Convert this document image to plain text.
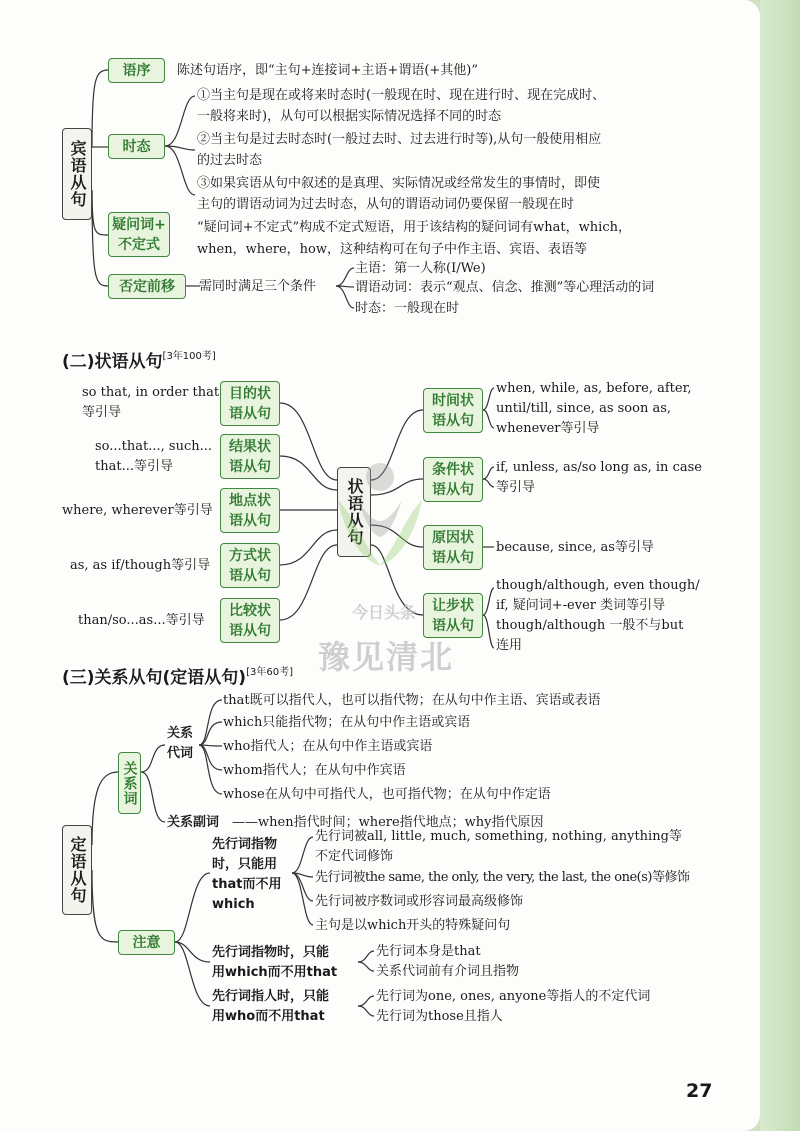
宾语从句
语序	陈述句语序，即“主句+连接词+主语+谓语(+其他)”
时态
①当主句是现在或将来时态时(一般现在时、现在进行时、现在完成时、
一般将来时)，从句可以根据实际情况选择不同的时态
②当主句是过去时态时(一般过去时、过去进行时等),从句一般使用相应
的过去时态
③如果宾语从句中叙述的是真理、实际情况或经常发生的事情时，即使
主句的谓语动词为过去时态，从句的谓语动词仍要保留一般现在时
疑问词+
不定式
“疑问词+不定式”构成不定式短语，用于该结构的疑问词有what，which，
when，where，how，这种结构可在句子中作主语、宾语、表语等
否定前移	需同时满足三个条件
主语：第一人称(I/We)
谓语动词：表示“观点、信念、推测”等心理活动的词
时态：一般现在时
(二)状语从句[3年100考]
状语从句
目的状
语从句
so that, in order that
等引导
结果状
语从句
so...that..., such...
that...等引导
地点状
语从句
where, wherever等引导
方式状
语从句
as, as if/though等引导
比较状
语从句
than/so...as...等引导
时间状
语从句
when, while, as, before, after,
until/till, since, as soon as,
whenever等引导
条件状
语从句
if, unless, as/so long as, in case
等引导
原因状
语从句
because, since, as等引导
让步状
语从句
though/although, even though/
if, 疑问词+-ever 类词等引导
though/although 一般不与but
连用
(三)关系从句(定语从句)[3年60考]
定语从句
关系词
关系
代词
that既可以指代人，也可以指代物；在从句中作主语、宾语或表语
which只能指代物；在从句中作主语或宾语
who指代人；在从句中作主语或宾语
whom指代人；在从句中作宾语
whose在从句中可指代人，也可指代物；在从句中作定语
关系副词 ——when指代时间；where指代地点；why指代原因
注意
先行词指物
时，只能用
that而不用
which
先行词被all, little, much, something, nothing, anything等
不定代词修饰
先行词被the same, the only, the very, the last, the one(s)等修饰
先行词被序数词或形容词最高级修饰
主句是以which开头的特殊疑问句
先行词指物时，只能
用which而不用that
先行词本身是that
关系代词前有介词且指物
先行词指人时，只能
用who而不用that
先行词为one, ones, anyone等指人的不定代词
先行词为those且指人
今日头条
豫见清北
27
